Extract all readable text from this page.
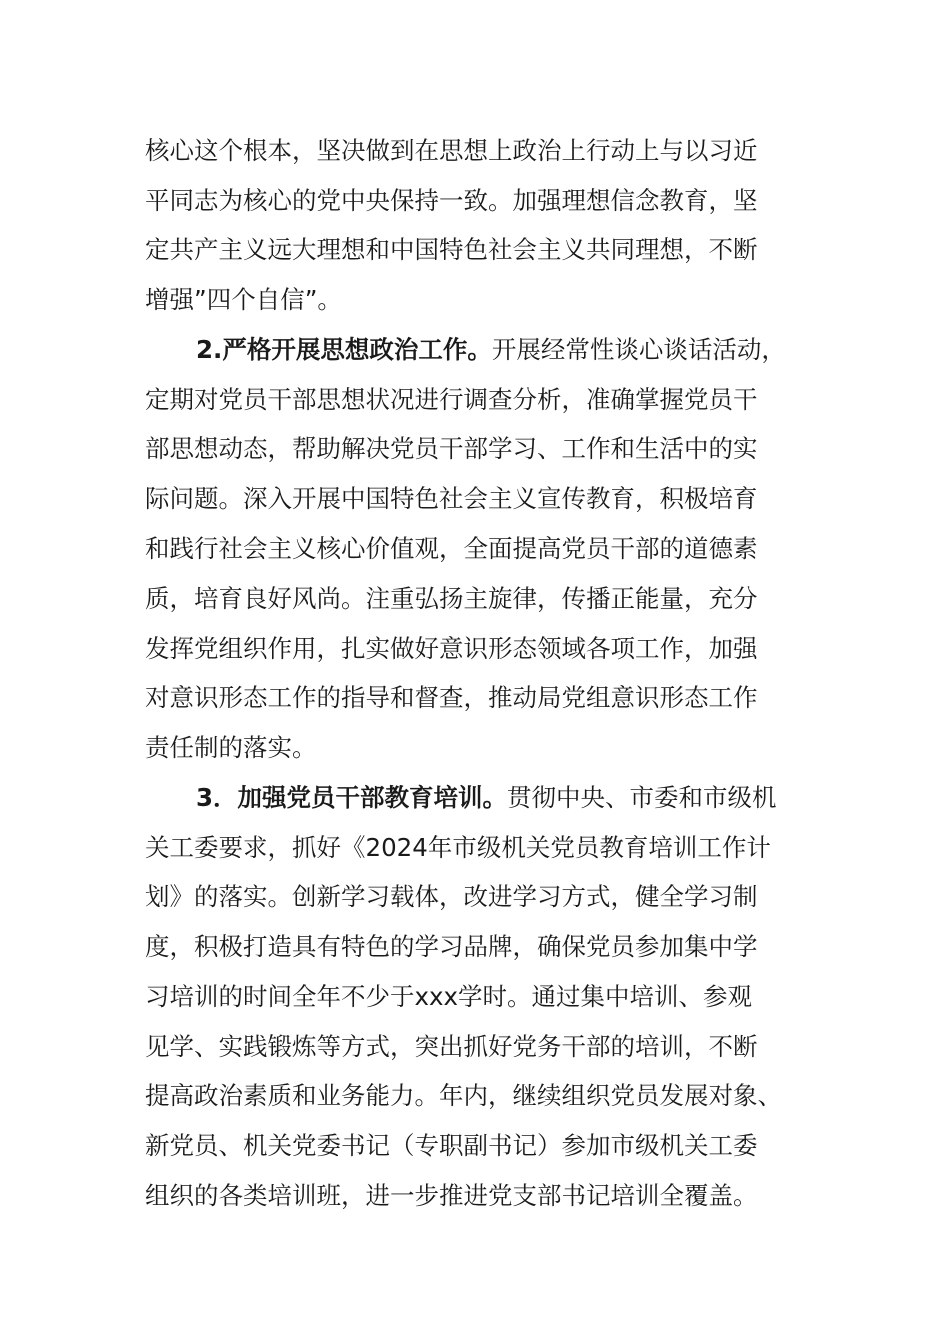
核心这个根本，坚决做到在思想上政治上行动上与以习近
平同志为核心的党中央保持一致。加强理想信念教育，坚
定共产主义远大理想和中国特色社会主义共同理想，不断
增强”四个自信”。
2.严格开展思想政治工作。开展经常性谈心谈话活动，
定期对党员干部思想状况进行调查分析，准确掌握党员干
部思想动态，帮助解决党员干部学习、工作和生活中的实
际问题。深入开展中国特色社会主义宣传教育，积极培育
和践行社会主义核心价值观，全面提高党员干部的道德素
质，培育良好风尚。注重弘扬主旋律，传播正能量，充分
发挥党组织作用，扎实做好意识形态领域各项工作，加强
对意识形态工作的指导和督查，推动局党组意识形态工作
责任制的落实。
3．加强党员干部教育培训。贯彻中央、市委和市级机
关工委要求，抓好《2024年市级机关党员教育培训工作计
划》的落实。创新学习载体，改进学习方式，健全学习制
度，积极打造具有特色的学习品牌，确保党员参加集中学
习培训的时间全年不少于xxx学时。通过集中培训、参观
见学、实践锻炼等方式，突出抓好党务干部的培训，不断
提高政治素质和业务能力。年内，继续组织党员发展对象、
新党员、机关党委书记（专职副书记）参加市级机关工委
组织的各类培训班，进一步推进党支部书记培训全覆盖。
